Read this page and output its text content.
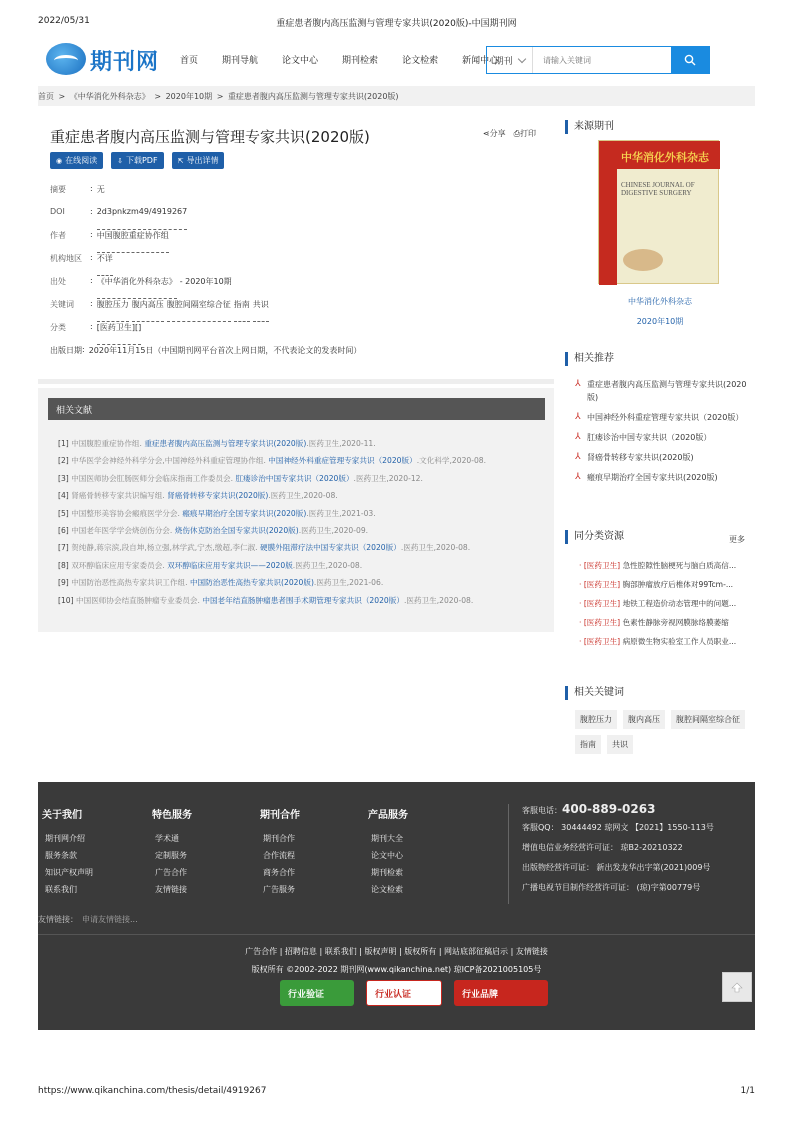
2022/05/31	重症患者腹内高压监测与管理专家共识(2020版)-中国期刊网
期刊网 首页	期刊导航	论文中心	期刊检索	论文检索	新闻中心
期刊
请输入关键词
首页 > 《中华消化外科杂志》 > 2020年10期 > 重症患者腹内高压监测与管理专家共识(2020版)
重症患者腹内高压监测与管理专家共识(2020版)	⋖分享 ⎙打印
◉ 在线阅读	⇩ 下载PDF	⇱ 导出详情
摘要	: 无
DOI	: 2d3pnkzm49/4919267
作者	: 中国腹腔重症协作组
机构地区	: 不详
出处	: 《中华消化外科杂志》 - 2020年10期
关键词	: 腹腔压力 腹内高压 腹腔间隔室综合征 指南 共识
分类	: [医药卫生][]
出版日期 : 2020年11月15日（中国期刊网平台首次上网日期，不代表论文的发表时间）
相关文献
[1] 中国腹腔重症协作组. 重症患者腹内高压监测与管理专家共识(2020版).医药卫生,2020-11.
[2] 中华医学会神经外科学分会,中国神经外科重症管理协作组. 中国神经外科重症管理专家共识（2020版）.文化科学,2020-08.
[3] 中国医师协会肛肠医师分会临床指南工作委员会. 肛瘘诊治中国专家共识（2020版）.医药卫生,2020-12.
[4] 肾癌骨转移专家共识编写组. 肾癌骨转移专家共识(2020版).医药卫生,2020-08.
[5] 中国整形美容协会瘢痕医学分会. 瘢痕早期治疗全国专家共识(2020版).医药卫生,2021-03.
[6] 中国老年医学学会烧创伤分会. 烧伤休克防治全国专家共识(2020版).医药卫生,2020-09.
[7] 贺纯静,蒋宗滨,段自坤,杨立强,林学武,宁杰,缴超,李仁淑. 硬膜外阻滞疗法中国专家共识（2020版）.医药卫生,2020-08.
[8] 双环醇临床应用专家委员会. 双环醇临床应用专家共识——2020版.医药卫生,2020-08.
[9] 中国防治恶性高热专家共识工作组. 中国防治恶性高热专家共识(2020版).医药卫生,2021-06.
[10] 中国医师协会结直肠肿瘤专业委员会. 中国老年结直肠肿瘤患者围手术期管理专家共识（2020版）.医药卫生,2020-08.
来源期刊
中华消化外科杂志
CHINESE JOURNAL OF DIGESTIVE SURGERY
中华消化外科杂志
2020年10期
相关推荐
⅄ 重症患者腹内高压监测与管理专家共识(2020版)
⅄ 中国神经外科重症管理专家共识（2020版）
⅄ 肛瘘诊治中国专家共识（2020版）
⅄ 肾癌骨转移专家共识(2020版)
⅄ 瘢痕早期治疗全国专家共识(2020版)
同分类资源	更多
· [医药卫生] 急性腔隙性脑梗死与脑白质高信...
· [医药卫生] 胸部肿瘤放疗后椎体对99Tcm-...
· [医药卫生] 地铁工程造价动态管理中的问题...
· [医药卫生] 色素性静脉旁视网膜脉络膜萎缩
· [医药卫生] 病原微生物实验室工作人员职业...
相关关键词
腹腔压力	腹内高压	腹腔间隔室综合征
指南	共识
关于我们
期刊网介绍
服务条款
知识产权声明
联系我们
特色服务
学术通
定制服务
广告合作
友情链接
期刊合作
期刊合作
合作流程
商务合作
广告服务
产品服务
期刊大全
论文中心
期刊检索
论文检索
客服电话：400-889-0263
客服QQ： 30444492 琼网文 【2021】1550-113号
增值电信业务经营许可证： 琼B2-20210322
出版物经营许可证： 新出发龙华出字第(2021)009号
广播电视节目制作经营许可证： (琼)字第00779号
友情链接： 申请友情链接...
广告合作 | 招聘信息 | 联系我们 | 版权声明 | 版权所有 | 网站底部征稿启示 | 友情链接
版权所有 ©2002-2022 期刊网(www.qikanchina.net) 琼ICP备2021005105号
行业验证	行业认证	行业品牌
https://www.qikanchina.com/thesis/detail/4919267	1/1
